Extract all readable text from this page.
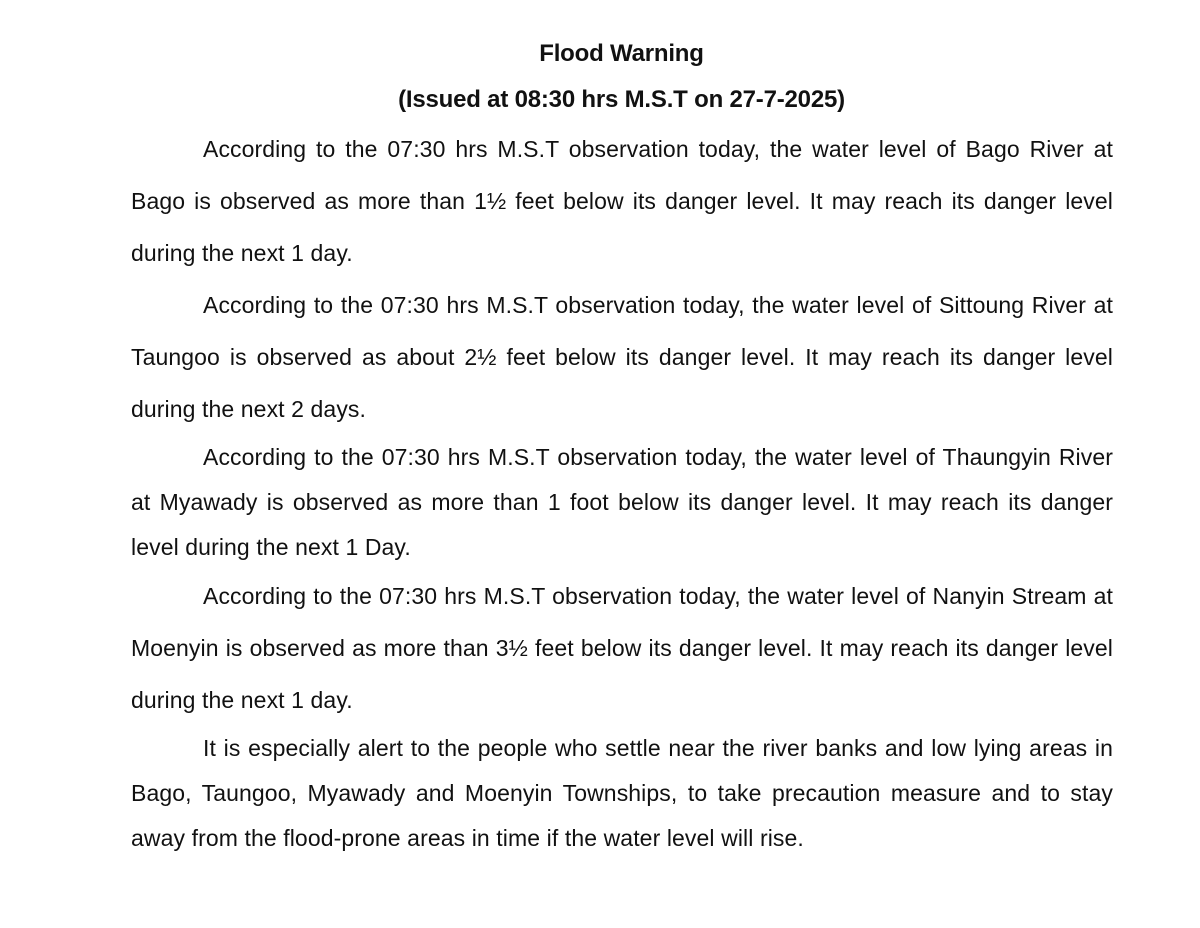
Flood Warning
(Issued at 08:30 hrs M.S.T on 27-7-2025)

According to the 07:30 hrs M.S.T observation today, the water level of Bago River at Bago is observed as more than 1½ feet below its danger level. It may reach its danger level during the next 1 day.

According to the 07:30 hrs M.S.T observation today, the water level of Sittoung River at Taungoo is observed as about 2½ feet below its danger level. It may reach its danger level during the next 2 days.

According to the 07:30 hrs M.S.T observation today, the water level of Thaungyin River at Myawady is observed as more than 1 foot below its danger level. It may reach its danger level during the next 1 Day.

According to the 07:30 hrs M.S.T observation today, the water level of Nanyin Stream at Moenyin is observed as more than 3½ feet below its danger level. It may reach its danger level during the next 1 day.

It is especially alert to the people who settle near the river banks and low lying areas in Bago, Taungoo, Myawady and Moenyin Townships, to take precaution measure and to stay away from the flood-prone areas in time if the water level will rise.
